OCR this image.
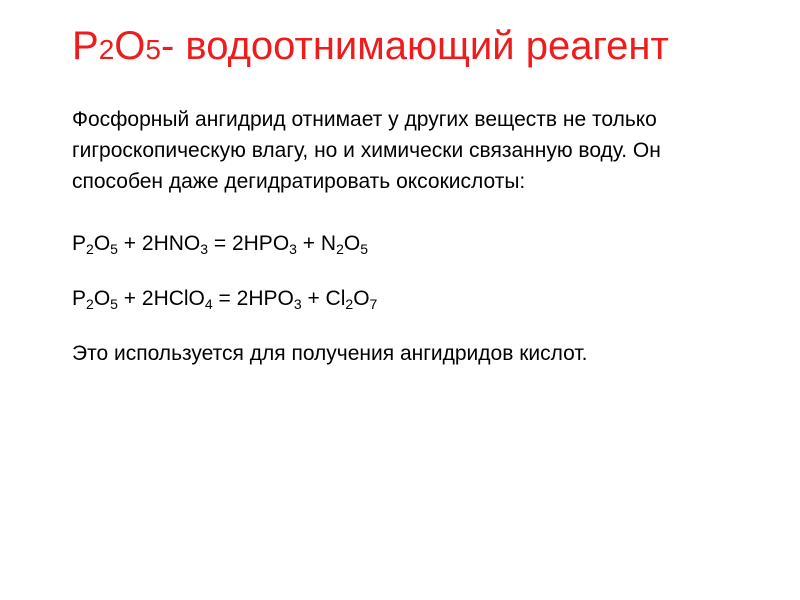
P2O5- водоотнимающий реагент

Фосфорный ангидрид отнимает у других веществ не только гигроскопическую влагу, но и химически связанную воду. Он способен даже дегидратировать оксокислоты:

$P_2O_5 + 2HNO_3 = 2HPO_3 + N_2O_5$

$P_2O_5$ + 2HClO$_4$ = $2HPO_3 + Cl_2O_7$

Это используется для получения ангидридов кислот.
